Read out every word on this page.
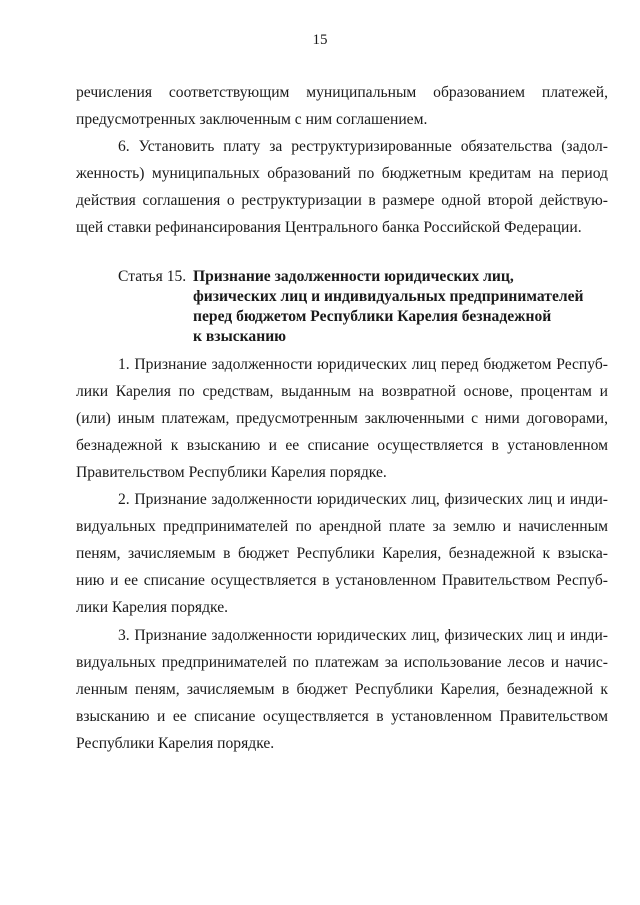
15
речисления соответствующим муниципальным образованием платежей,
предусмотренных заключенным с ним соглашением.
6. Установить плату за реструктуризированные обязательства (задол-
женность) муниципальных образований по бюджетным кредитам на период
действия соглашения о реструктуризации в размере одной второй действую-
щей ставки рефинансирования Центрального банка Российской Федерации.
Статья 15. Признание задолженности юридических лиц,
физических лиц и индивидуальных предпринимателей
перед бюджетом Республики Карелия безнадежной
к взысканию
1. Признание задолженности юридических лиц перед бюджетом Респуб-
лики Карелия по средствам, выданным на возвратной основе, процентам и
(или) иным платежам, предусмотренным заключенными с ними договорами,
безнадежной к взысканию и ее списание осуществляется в установленном
Правительством Республики Карелия порядке.
2. Признание задолженности юридических лиц, физических лиц и инди-
видуальных предпринимателей по арендной плате за землю и начисленным
пеням, зачисляемым в бюджет Республики Карелия, безнадежной к взыска-
нию и ее списание осуществляется в установленном Правительством Респуб-
лики Карелия порядке.
3. Признание задолженности юридических лиц, физических лиц и инди-
видуальных предпринимателей по платежам за использование лесов и начис-
ленным пеням, зачисляемым в бюджет Республики Карелия, безнадежной к
взысканию и ее списание осуществляется в установленном Правительством
Республики Карелия порядке.
